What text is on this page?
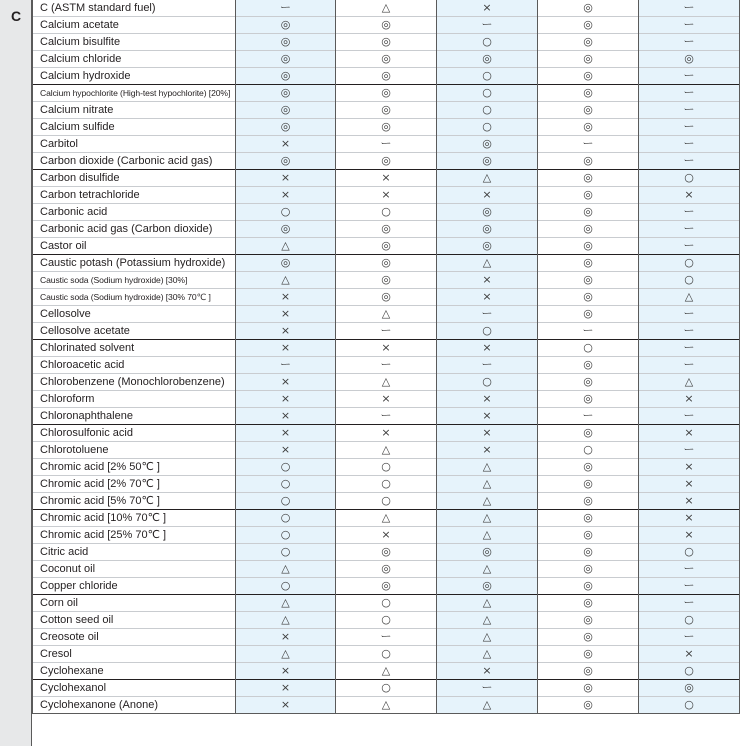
C	C (ASTM standard fuel)	ー	△	×	◎	ー
Calcium acetate	◎	◎	ー	◎	ー
Calcium bisulfite	◎	◎	○	◎	ー
Calcium chloride	◎	◎	◎	◎	◎
Calcium hydroxide	◎	◎	○	◎	ー
Calcium hypochlorite (High-test hypochlorite) [20%]	◎	◎	○	◎	ー
Calcium nitrate	◎	◎	○	◎	ー
Calcium sulfide	◎	◎	○	◎	ー
Carbitol	×	ー	◎	ー	ー
Carbon dioxide (Carbonic acid gas)	◎	◎	◎	◎	ー
Carbon disulfide	×	×	△	◎	○
Carbon tetrachloride	×	×	×	◎	×
Carbonic acid	○	○	◎	◎	ー
Carbonic acid gas (Carbon dioxide)	◎	◎	◎	◎	ー
Castor oil	△	◎	◎	◎	ー
Caustic potash (Potassium hydroxide)	◎	◎	△	◎	○
Caustic soda (Sodium hydroxide) [30%]	△	◎	×	◎	○
Caustic soda (Sodium hydroxide) [30% 70℃ ]	×	◎	×	◎	△
Cellosolve	×	△	ー	◎	ー
Cellosolve acetate	×	ー	○	ー	ー
Chlorinated solvent	×	×	×	○	ー
Chloroacetic acid	ー	ー	ー	◎	ー
Chlorobenzene (Monochlorobenzene)	×	△	○	◎	△
Chloroform	×	×	×	◎	×
Chloronaphthalene	×	ー	×	ー	ー
Chlorosulfonic acid	×	×	×	◎	×
Chlorotoluene	×	△	×	○	ー
Chromic acid [2% 50℃ ]	○	○	△	◎	×
Chromic acid [2% 70℃ ]	○	○	△	◎	×
Chromic acid [5% 70℃ ]	○	○	△	◎	×
Chromic acid [10% 70℃ ]	○	△	△	◎	×
Chromic acid [25% 70℃ ]	○	×	△	◎	×
Citric acid	○	◎	◎	◎	○
Coconut oil	△	◎	△	◎	ー
Copper chloride	○	◎	◎	◎	ー
Corn oil	△	○	△	◎	ー
Cotton seed oil	△	○	△	◎	○
Creosote oil	×	ー	△	◎	ー
Cresol	△	○	△	◎	×
Cyclohexane	×	△	×	◎	○
Cyclohexanol	×	○	ー	◎	◎
Cyclohexanone (Anone)	×	△	△	◎	○
